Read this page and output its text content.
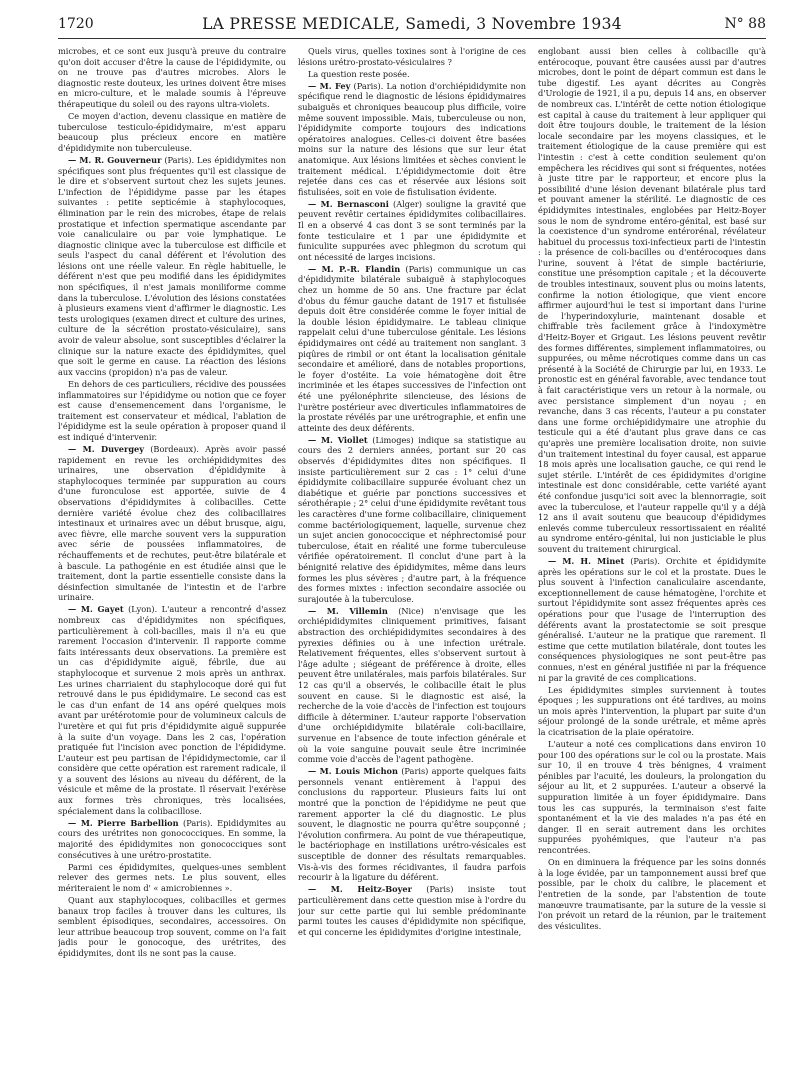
1720	LA PRESSE MEDICALE, Samedi, 3 Novembre 1934	N° 88

microbes, et ce sont eux jusqu'à preuve du contraire qu'on doit accuser d'être la cause de l'épididymite, ou on ne trouve pas d'autres microbes. Alors le diagnostic reste douteux, les urines doivent être mises en micro-culture, et le malade soumis à l'épreuve thérapeutique du soleil ou des rayons ultra-violets.

Ce moyen d'action, devenu classique en matière de tuberculose testiculo-épididymaire, m'est apparu beaucoup plus précieux encore en matière d'épididymite non tuberculeuse.

— M. R. Gouverneur (Paris). Les épididymites non spécifiques sont plus fréquentes qu'il est classique de le dire et s'observent surtout chez les sujets jeunes. L'infection de l'épididyme passe par les étapes suivantes : petite septicémie à staphylocoques, élimination par le rein des microbes, étape de relais prostatique et infection spermatique ascendante par voie canaliculaire ou par voie lymphatique. Le diagnostic clinique avec la tuberculose est difficile et seuls l'aspect du canal déférent et l'évolution des lésions ont une réelle valeur. En règle habituelle, le déférent n'est que peu modifié dans les épididymites non spécifiques, il n'est jamais moniliforme comme dans la tuberculose. L'évolution des lésions constatées à plusieurs examens vient d'affirmer le diagnostic. Les tests urologiques (examen direct et culture des urines, culture de la sécrétion prostato-vésiculaire), sans avoir de valeur absolue, sont susceptibles d'éclairer la clinique sur la nature exacte des épididymites, quel que soit le germe en cause. La réaction des lésions aux vaccins (propidon) n'a pas de valeur.

En dehors de ces particuliers, récidive des poussées inflammatoires sur l'épididyme ou notion que ce foyer est cause d'ensemencement dans l'organisme, le traitement est conservateur et médical, l'ablation de l'épididyme est la seule opération à proposer quand il est indiqué d'intervenir.

— M. Duvergey (Bordeaux). Après avoir passé rapidement en revue les orchiépididymites des urinaires, une observation d'épididymite à staphylocoques terminée par suppuration au cours d'une furonculose est apportée, suivie de 4 observations d'épididymites à colibacilles. Cette dernière variété évolue chez des colibacillaires intestinaux et urinaires avec un début brusque, aigu, avec fièvre, elle marche souvent vers la suppuration avec série de poussées inflammatoires, de réchauffements et de rechutes, peut-être bilatérale et à bascule. La pathogénie en est étudiée ainsi que le traitement, dont la partie essentielle consiste dans la désinfection simultanée de l'intestin et de l'arbre urinaire.

— M. Gayet (Lyon). L'auteur a rencontré d'assez nombreux cas d'épididymites non spécifiques, particulièrement à coli-bacilles, mais il n'a eu que rarement l'occasion d'intervenir. Il rapporte comme faits intéressants deux observations. La première est un cas d'épididymite aiguë, fébrile, due au staphylocoque et survenue 2 mois après un anthrax. Les urines charriaient du staphylocoque doré qui fut retrouvé dans le pus épididymaire. Le second cas est le cas d'un enfant de 14 ans opéré quelques mois avant par urétérotomie pour de volumineux calculs de l'uretère et qui fut pris d'épididymite aiguë suppurée à la suite d'un voyage. Dans les 2 cas, l'opération pratiquée fut l'incision avec ponction de l'épididyme. L'auteur est peu partisan de l'épididymectomie, car il considère que cette opération est rarement radicale, il y a souvent des lésions au niveau du déférent, de la vésicule et même de la prostate. Il réservait l'exérèse aux formes très chroniques, très localisées, spécialement dans la colibacillose.

— M. Pierre Barbellion (Paris). Epididymites au cours des urétrites non gonococciques. En somme, la majorité des épididymites non gonococciques sont consécutives à une urétro-prostatite.

Parmi ces épididymites, quelques-unes semblent relever des germes nets. Le plus souvent, elles mériteraient le nom d' « amicrobiennes ».

Quant aux staphylocoques, colibacilles et germes banaux trop faciles à trouver dans les cultures, ils semblent épisodiques, secondaires, accessoires. On leur attribue beaucoup trop souvent, comme on l'a fait jadis pour le gonocoque, des urétrites, des épididymites, dont ils ne sont pas la cause.

Quels virus, quelles toxines sont à l'origine de ces lésions urétro-prostato-vésiculaires ?

La question reste posée.

— M. Fey (Paris). La notion d'orchiépididymite non spécifique rend le diagnostic de lésions épididymaires subaiguës et chroniques beaucoup plus difficile, voire même souvent impossible. Mais, tuberculeuse ou non, l'épididymite comporte toujours des indications opératoires analogues. Celles-ci doivent être basées moins sur la nature des lésions que sur leur état anatomique. Aux lésions limitées et sèches convient le traitement médical. L'épididymectomie doit être rejetée dans ces cas et réservée aux lésions soit fistulisées, soit en voie de fistulisation évidente.

— M. Bernasconi (Alger) souligne la gravité que peuvent revêtir certaines épididymites colibacillaires. Il en a observé 4 cas dont 3 se sont terminés par la fonte testiculaire et 1 par une épididymite et funiculite suppurées avec phlegmon du scrotum qui ont nécessité de larges incisions.

— M. P.-R. Flandin (Paris) communique un cas d'épididymite bilatérale subaiguë à staphylocoques chez un homme de 50 ans. Une fracture par éclat d'obus du fémur gauche datant de 1917 et fistulisée depuis doit être considérée comme le foyer initial de la double lésion épididymaire. Le tableau clinique rappelait celui d'une tuberculose génitale. Les lésions épididymaires ont cédé au traitement non sanglant. 3 piqûres de rimbil or ont étant la localisation génitale secondaire et amélioré, dans de notables proportions, le foyer d'ostéite. La voie hématogène doit être incriminée et les étapes successives de l'infection ont été une pyélonéphrite silencieuse, des lésions de l'urètre postérieur avec diverticules inflammatoires de la prostate révélés par une urétrographie, et enfin une atteinte des deux déférents.

— M. Viollet (Limoges) indique sa statistique au cours des 2 derniers années, portant sur 20 cas observés d'épididymites dites non spécifiques. Il insiste particulièrement sur 2 cas : 1° celui d'une épididymite colibacillaire suppurée évoluant chez un diabétique et guérie par ponctions successives et sérothérapie ; 2° celui d'une épididymite revêtant tous les caractères d'une forme colibacillaire, cliniquement comme bactériologiquement, laquelle, survenue chez un sujet ancien gonococcique et néphrectomisé pour tuberculose, était en réalité une forme tuberculeuse vérifiée opératoirement. Il conclut d'une part à la bénignité relative des épididymites, même dans leurs formes les plus sévères ; d'autre part, à la fréquence des formes mixtes : infection secondaire associée ou surajoutée à la tuberculose.

— M. Villemin (Nice) n'envisage que les orchiépididymites cliniquement primitives, faisant abstraction des orchiépididymites secondaires à des pyrexies définies ou à une infection urétrale. Relativement fréquentes, elles s'observent surtout à l'âge adulte ; siégeant de préférence à droite, elles peuvent être unilatérales, mais parfois bilatérales. Sur 12 cas qu'il a observés, le colibacille était le plus souvent en cause. Si le diagnostic est aisé, la recherche de la voie d'accès de l'infection est toujours difficile à déterminer. L'auteur rapporte l'observation d'une orchiépididymite bilatérale coli-bacillaire, survenue en l'absence de toute infection générale et où la voie sanguine pouvait seule être incriminée comme voie d'accès de l'agent pathogène.

— M. Louis Michon (Paris) apporte quelques faits personnels venant entièrement à l'appui des conclusions du rapporteur. Plusieurs faits lui ont montré que la ponction de l'épididyme ne peut que rarement apporter la clé du diagnostic. Le plus souvent, le diagnostic ne pourra qu'être soupçonné ; l'évolution confirmera. Au point de vue thérapeutique, le bactériophage en instillations urétro-vésicales est susceptible de donner des résultats remarquables. Vis-à-vis des formes récidivantes, il faudra parfois recourir à la ligature du déférent.

— M. Heitz-Boyer (Paris) insiste tout particulièrement dans cette question mise à l'ordre du jour sur cette partie qui lui semble prédominante parmi toutes les causes d'épididymite non spécifique, et qui concerne les épididymites d'origine intestinale,

englobant aussi bien celles à colibacille qu'à entérocoque, pouvant être causées aussi par d'autres microbes, dont le point de départ commun est dans le tube digestif. Les ayant décrites au Congrès d'Urologie de 1921, il a pu, depuis 14 ans, en observer de nombreux cas. L'intérêt de cette notion étiologique est capital à cause du traitement à leur appliquer qui doit être toujours double, le traitement de la lésion locale secondaire par les moyens classiques, et le traitement étiologique de la cause première qui est l'intestin : c'est à cette condition seulement qu'on empêchera les récidives qui sont si fréquentes, notées à juste titre par le rapporteur, et encore plus la possibilité d'une lésion devenant bilatérale plus tard et pouvant amener la stérilité. Le diagnostic de ces épididymites intestinales, englobées par Heitz-Boyer sous le nom de syndrome entéro-génital, est basé sur la coexistence d'un syndrome entérorénal, révélateur habituel du processus toxi-infectieux parti de l'intestin : la présence de coli-bacilles ou d'entérocoques dans l'urine, souvent à l'état de simple bactériurie, constitue une présomption capitale ; et la découverte de troubles intestinaux, souvent plus ou moins latents, confirme la notion étiologique, que vient encore affirmer aujourd'hui le test si important dans l'urine de l'hyperindoxylurie, maintenant dosable et chiffrable très facilement grâce à l'indoxymètre d'Heitz-Boyer et Grigaut. Les lésions peuvent revêtir des formes différentes, simplement inflammatoires, ou suppurées, ou même nécrotiques comme dans un cas présenté à la Société de Chirurgie par lui, en 1933. Le pronostic est en général favorable, avec tendance tout à fait caractéristique vers un retour à la normale, ou avec persistance simplement d'un noyau ; en revanche, dans 3 cas récents, l'auteur a pu constater dans une forme orchiépididymaire une atrophie du testicule qui a été d'autant plus grave dans ce cas qu'après une première localisation droite, non suivie d'un traitement intestinal du foyer causal, est apparue 18 mois après une localisation gauche, ce qui rend le sujet stérile. L'intérêt de ces épididymites d'origine intestinale est donc considérable, cette variété ayant été confondue jusqu'ici soit avec la blennorragie, soit avec la tuberculose, et l'auteur rappelle qu'il y a déjà 12 ans il avait soutenu que beaucoup d'épididymes enlevés comme tuberculeux ressortissaient en réalité au syndrome entéro-génital, lui non justiciable le plus souvent du traitement chirurgical.

— M. H. Minet (Paris). Orchite et épididymite après les opérations sur le col et la prostate. Dues le plus souvent à l'infection canaliculaire ascendante, exceptionnellement de cause hématogène, l'orchite et surtout l'épididymite sont assez fréquentes après ces opérations pour que l'usage de l'interruption des déférents avant la prostatectomie se soit presque généralisé. L'auteur ne la pratique que rarement. Il estime que cette mutilation bilatérale, dont toutes les conséquences physiologiques ne sont peut-être pas connues, n'est en général justifiée ni par la fréquence ni par la gravité de ces complications.

Les épididymites simples surviennent à toutes époques ; les suppurations ont été tardives, au moins un mois après l'intervention, la plupart par suite d'un séjour prolongé de la sonde urétrale, et même après la cicatrisation de la plaie opératoire.

L'auteur a noté ces complications dans environ 10 pour 100 des opérations sur le col ou la prostate. Mais sur 10, il en trouve 4 très bénignes, 4 vraiment pénibles par l'acuité, les douleurs, la prolongation du séjour au lit, et 2 suppurées. L'auteur a observé la suppuration limitée à un foyer épididymaire. Dans tous les cas suppurés, la terminaison s'est faite spontanément et la vie des malades n'a pas été en danger. Il en serait autrement dans les orchites suppurées pyohémiques, que l'auteur n'a pas rencontrées.

On en diminuera la fréquence par les soins donnés à la loge évidée, par un tamponnement aussi bref que possible, par le choix du calibre, le placement et l'entretien de la sonde, par l'abstention de toute manœuvre traumatisante, par la suture de la vessie si l'on prévoit un retard de la réunion, par le traitement des vésiculites.
